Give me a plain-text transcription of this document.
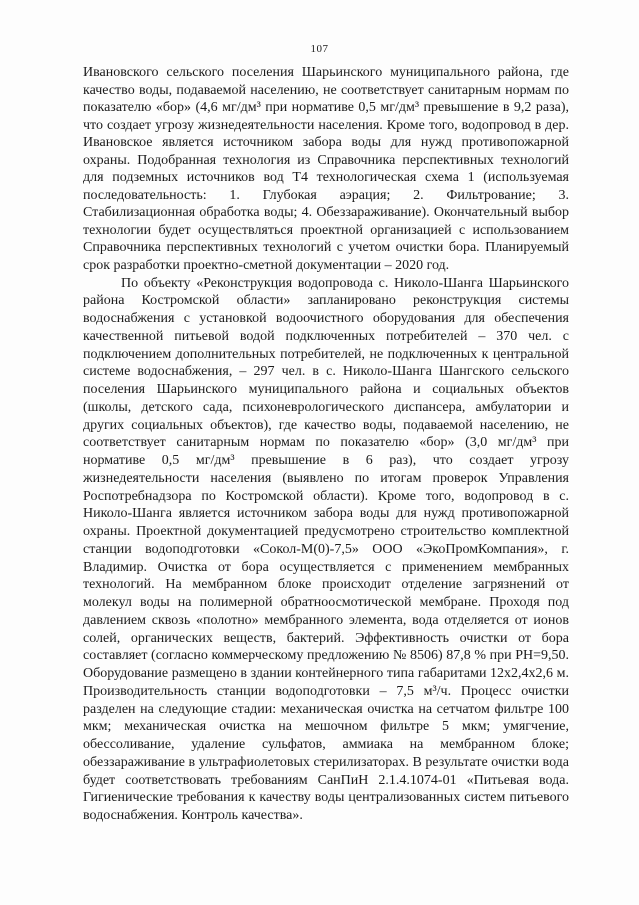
107

Ивановского сельского поселения Шарьинского муниципального района, где качество воды, подаваемой населению, не соответствует санитарным нормам по показателю «бор» (4,6 мг/дм³ при нормативе 0,5 мг/дм³ превышение в 9,2 раза), что создает угрозу жизнедеятельности населения. Кроме того, водопровод в дер. Ивановское является источником забора воды для нужд противопожарной охраны. Подобранная технология из Справочника перспективных технологий для подземных источников вод Т4 технологическая схема 1 (используемая последовательность: 1. Глубокая аэрация; 2. Фильтрование; 3. Стабилизационная обработка воды; 4. Обеззараживание). Окончательный выбор технологии будет осуществляться проектной организацией с использованием Справочника перспективных технологий с учетом очистки бора. Планируемый срок разработки проектно-сметной документации – 2020 год.

По объекту «Реконструкция водопровода с. Николо-Шанга Шарьинского района Костромской области» запланировано реконструкция системы водоснабжения с установкой водоочистного оборудования для обеспечения качественной питьевой водой подключенных потребителей – 370 чел. с подключением дополнительных потребителей, не подключенных к центральной системе водоснабжения, – 297 чел. в с. Николо-Шанга Шангского сельского поселения Шарьинского муниципального района и социальных объектов (школы, детского сада, психоневрологического диспансера, амбулатории и других социальных объектов), где качество воды, подаваемой населению, не соответствует санитарным нормам по показателю «бор» (3,0 мг/дм³ при нормативе 0,5 мг/дм³ превышение в 6 раз), что создает угрозу жизнедеятельности населения (выявлено по итогам проверок Управления Роспотребнадзора по Костромской области). Кроме того, водопровод в с. Николо-Шанга является источником забора воды для нужд противопожарной охраны. Проектной документацией предусмотрено строительство комплектной станции водоподготовки «Сокол-М(0)-7,5» ООО «ЭкоПромКомпания», г. Владимир. Очистка от бора осуществляется с применением мембранных технологий. На мембранном блоке происходит отделение загрязнений от молекул воды на полимерной обратноосмотической мембране. Проходя под давлением сквозь «полотно» мембранного элемента, вода отделяется от ионов солей, органических веществ, бактерий. Эффективность очистки от бора составляет (согласно коммерческому предложению № 8506) 87,8 % при PH=9,50. Оборудование размещено в здании контейнерного типа габаритами 12х2,4х2,6 м. Производительность станции водоподготовки – 7,5 м³/ч. Процесс очистки разделен на следующие стадии: механическая очистка на сетчатом фильтре 100 мкм; механическая очистка на мешочном фильтре 5 мкм; умягчение, обессоливание, удаление сульфатов, аммиака на мембранном блоке; обеззараживание в ультрафиолетовых стерилизаторах. В результате очистки вода будет соответствовать требованиям СанПиН 2.1.4.1074-01 «Питьевая вода. Гигиенические требования к качеству воды централизованных систем питьевого водоснабжения. Контроль качества».
